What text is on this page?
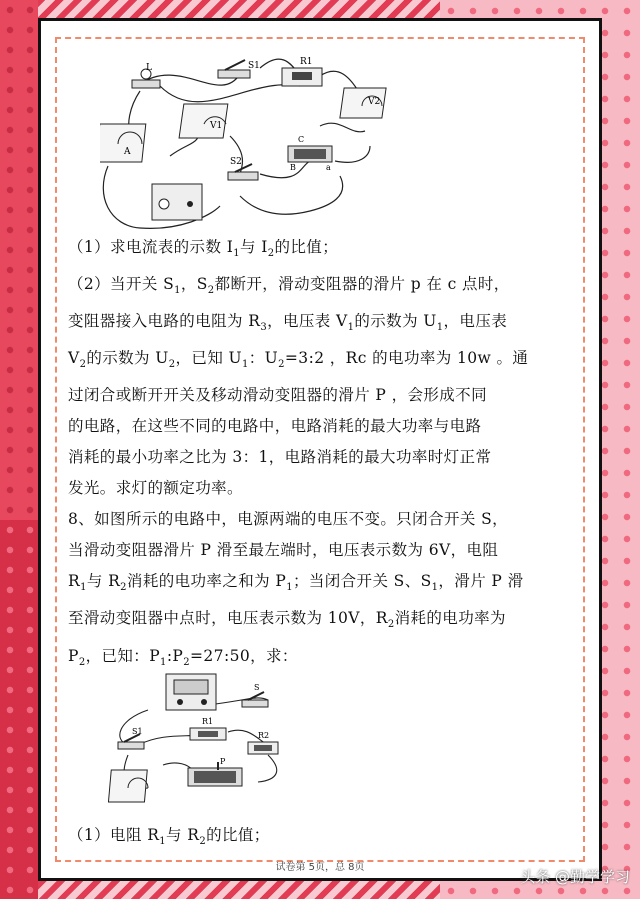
L	S1	R1
V2
A
V1
C
B	a
S2

（1）求电流表的示数 $I_1$与 $I_2$的比值；

（2）当开关 $S_1$，$S_2$都断开，滑动变阻器的滑片 p 在 c 点时，

变阻器接入电路的电阻为 $R_3$，电压表 $V_1$的示数为 $U_1$，电压表

$V_2$的示数为 $U_2$，已知 $U_1$：$U_2=3:2$ ，Rc 的电功率为 10w 。通

过闭合或断开开关及移动滑动变阻器的滑片 P ，会形成不同

的电路，在这些不同的电路中，电路消耗的最大功率与电路

消耗的最小功率之比为 3：1，电路消耗的最大功率时灯正常

发光。求灯的额定功率。

8、如图所示的电路中，电源两端的电压不变。只闭合开关 S，

当滑动变阻器滑片 P 滑至最左端时，电压表示数为 6V，电阻

$R_1$与 $R_2$消耗的电功率之和为 $P_1$；当闭合开关 S、$S_1$，滑片 P 滑

至滑动变阻器中点时，电压表示数为 10V，$R_2$消耗的电功率为

$P_2$，已知：$P_1:P_2=27:50$，求：

S
S1
R1
R2
P

（1）电阻 $R_1$与 $R_2$的比值；

试卷第 5页，总 8页
头条 @勤学学习
